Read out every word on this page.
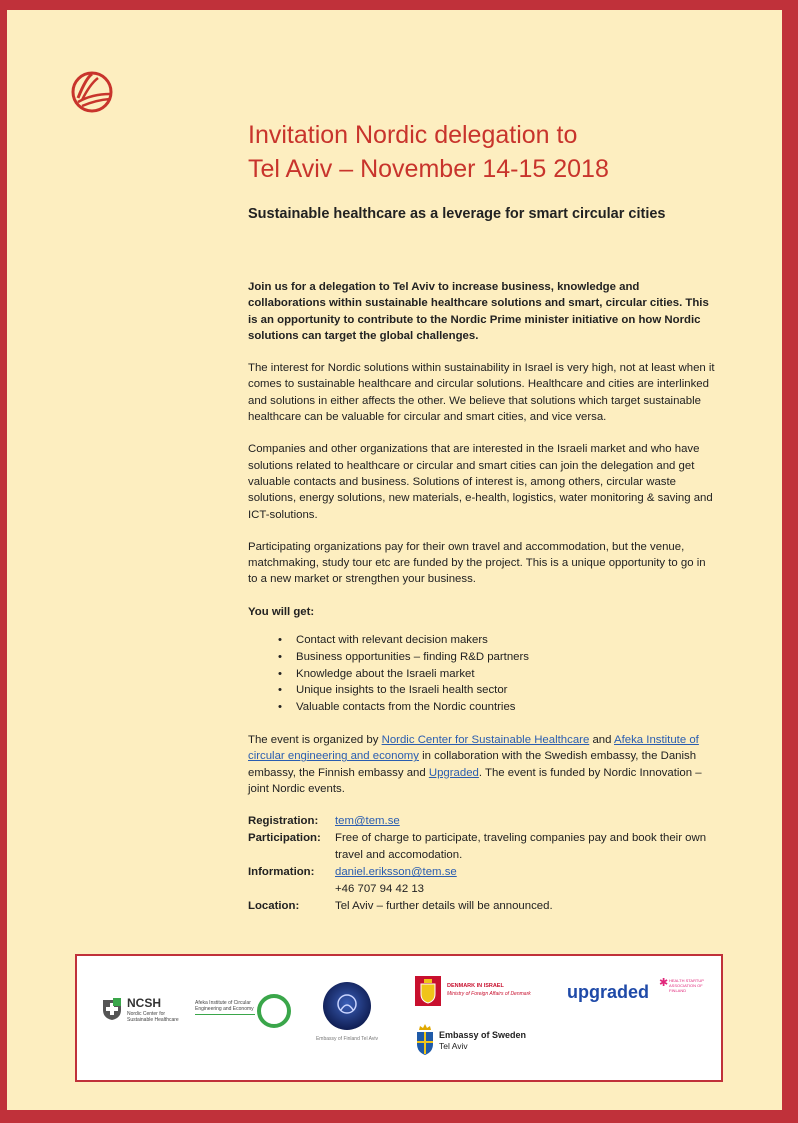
Invitation Nordic delegation to
Tel Aviv – November 14-15 2018
Sustainable healthcare as a leverage for smart circular cities

Join us for a delegation to Tel Aviv to increase business, knowledge and collaborations within sustainable healthcare solutions and smart, circular cities. This is an opportunity to contribute to the Nordic Prime minister initiative on how Nordic solutions can target the global challenges.

The interest for Nordic solutions within sustainability in Israel is very high, not at least when it comes to sustainable healthcare and circular solutions. Healthcare and cities are interlinked and solutions in either affects the other. We believe that solutions which target sustainable healthcare can be valuable for circular and smart cities, and vice versa.

Companies and other organizations that are interested in the Israeli market and who have solutions related to healthcare or circular and smart cities can join the delegation and get valuable contacts and business. Solutions of interest is, among others, circular waste solutions, energy solutions, new materials, e-health, logistics, water monitoring & saving and ICT-solutions.

Participating organizations pay for their own travel and accommodation, but the venue, matchmaking, study tour etc are funded by the project. This is a unique opportunity to go in to a new market or strengthen your business.

You will get:

• Contact with relevant decision makers
• Business opportunities – finding R&D partners
• Knowledge about the Israeli market
• Unique insights to the Israeli health sector
• Valuable contacts from the Nordic countries

The event is organized by Nordic Center for Sustainable Healthcare and Afeka Institute of circular engineering and economy in collaboration with the Swedish embassy, the Danish embassy, the Finnish embassy and Upgraded. The event is funded by Nordic Innovation – joint Nordic events.

Registration:	tem@tem.se
Participation:	Free of charge to participate, traveling companies pay and book their own travel and accomodation.
Information:	daniel.eriksson@tem.se
	+46 707 94 42 13
Location:	Tel Aviv – further details will be announced.
NCSH
Nordic Center for Sustainable Healthcare
Afeka Institute of Circular Engineering and Economy
Embassy of Finland Tel Aviv
DENMARK IN ISRAEL
Ministry of Foreign Affairs of Denmark	upgraded ✱ HEALTH STARTUP ASSOCIATION OF FINLAND
Embassy of Sweden
Tel Aviv
